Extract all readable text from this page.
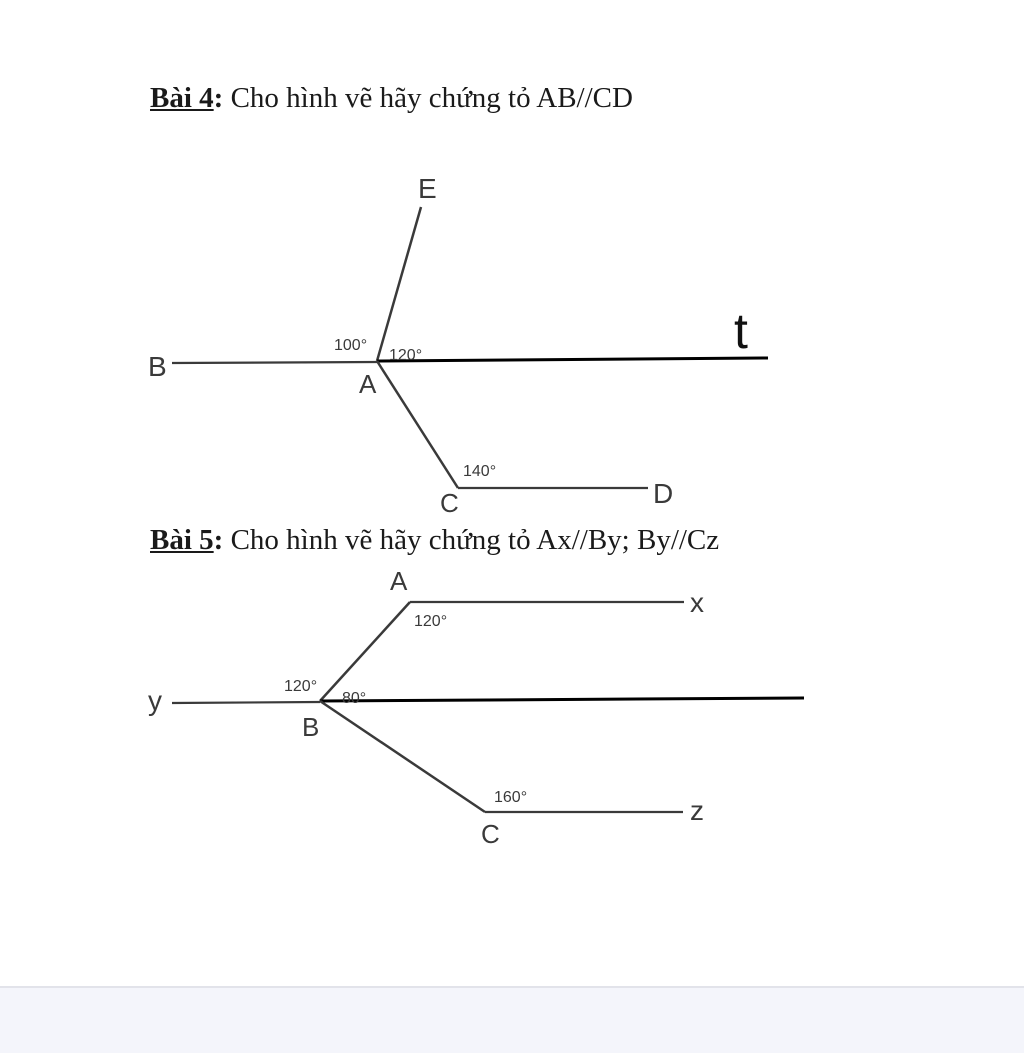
Bài 4: Cho hình vẽ hãy chứng tỏ AB//CD
E
B
A
C	D
t
100°
120°
140°
A
x
y
B
C
z
120°
120°
80°
160°
Bài 5: Cho hình vẽ hãy chứng tỏ Ax//By; By//Cz
